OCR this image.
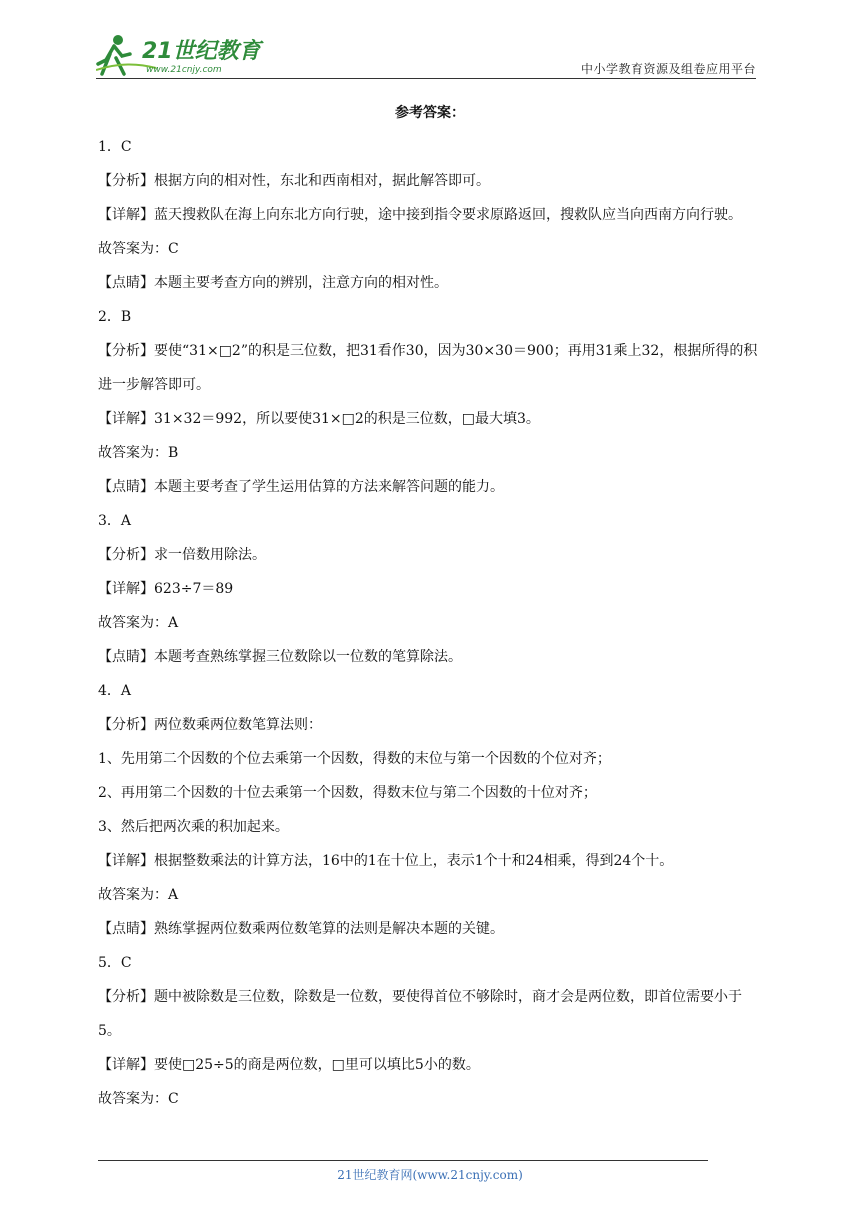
21世纪教育
www.21cnjy.com	中小学教育资源及组卷应用平台
参考答案：

1．C

【分析】根据方向的相对性，东北和西南相对，据此解答即可。

【详解】蓝天搜救队在海上向东北方向行驶，途中接到指令要求原路返回，搜救队应当向西南方向行驶。

故答案为：C

【点睛】本题主要考查方向的辨别，注意方向的相对性。

2．B

【分析】要使“31×□2”的积是三位数，把31看作30，因为30×30＝900；再用31乘上32，根据所得的积进一步解答即可。

【详解】31×32＝992，所以要使31×□2的积是三位数，□最大填3。

故答案为：B

【点睛】本题主要考查了学生运用估算的方法来解答问题的能力。

3．A

【分析】求一倍数用除法。

【详解】623÷7＝89

故答案为：A

【点睛】本题考查熟练掌握三位数除以一位数的笔算除法。

4．A

【分析】两位数乘两位数笔算法则：

1、先用第二个因数的个位去乘第一个因数，得数的末位与第一个因数的个位对齐；

2、再用第二个因数的十位去乘第一个因数，得数末位与第二个因数的十位对齐；

3、然后把两次乘的积加起来。

【详解】根据整数乘法的计算方法，16中的1在十位上，表示1个十和24相乘，得到24个十。

故答案为：A

【点睛】熟练掌握两位数乘两位数笔算的法则是解决本题的关键。

5．C

【分析】题中被除数是三位数，除数是一位数，要使得首位不够除时，商才会是两位数，即首位需要小于5。

【详解】要使□25÷5的商是两位数，□里可以填比5小的数。

故答案为：C

21世纪教育网(www.21cnjy.com)
